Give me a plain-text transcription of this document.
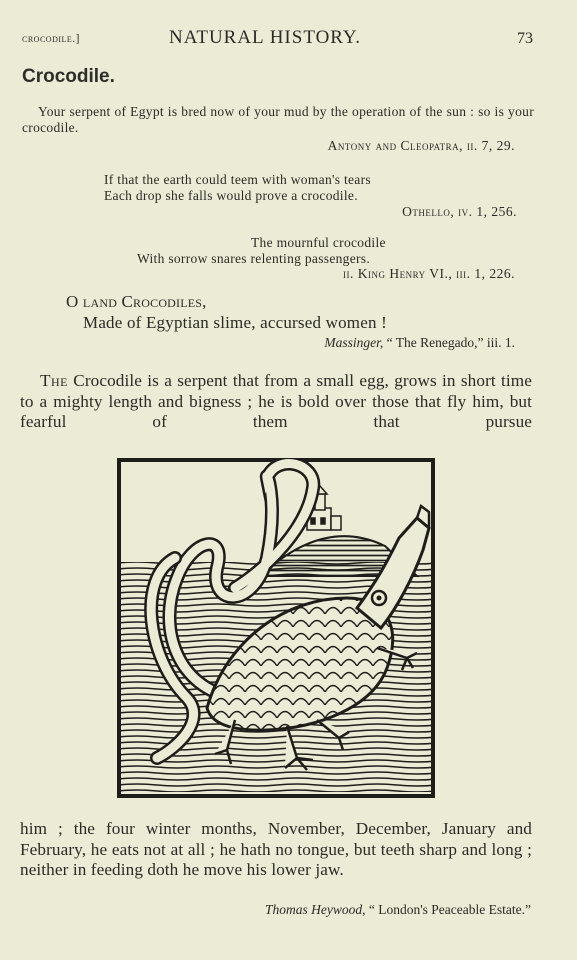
crocodile.]	NATURAL HISTORY.	73
Crocodile.
Your serpent of Egypt is bred now of your mud by the operation of the sun : so is your crocodile.
Antony and Cleopatra, ii. 7, 29.
If that the earth could teem with woman's tears
Each drop she falls would prove a crocodile.
Othello, iv. 1, 256.
The mournful crocodile
With sorrow snares relenting passengers.
ii. King Henry VI., iii. 1, 226.
O land Crocodiles,
Made of Egyptian slime, accursed women !
Massinger, “ The Renegado,” iii. 1.
The Crocodile is a serpent that from a small egg, grows in short time to a mighty length and bigness ; he is bold over those that fly him, but fearful of them that pursue
him ; the four winter months, November, December, January and February, he eats not at all ; he hath no tongue, but teeth sharp and long ; neither in feeding doth he move his lower jaw.
Thomas Heywood, “ London's Peaceable Estate.”
